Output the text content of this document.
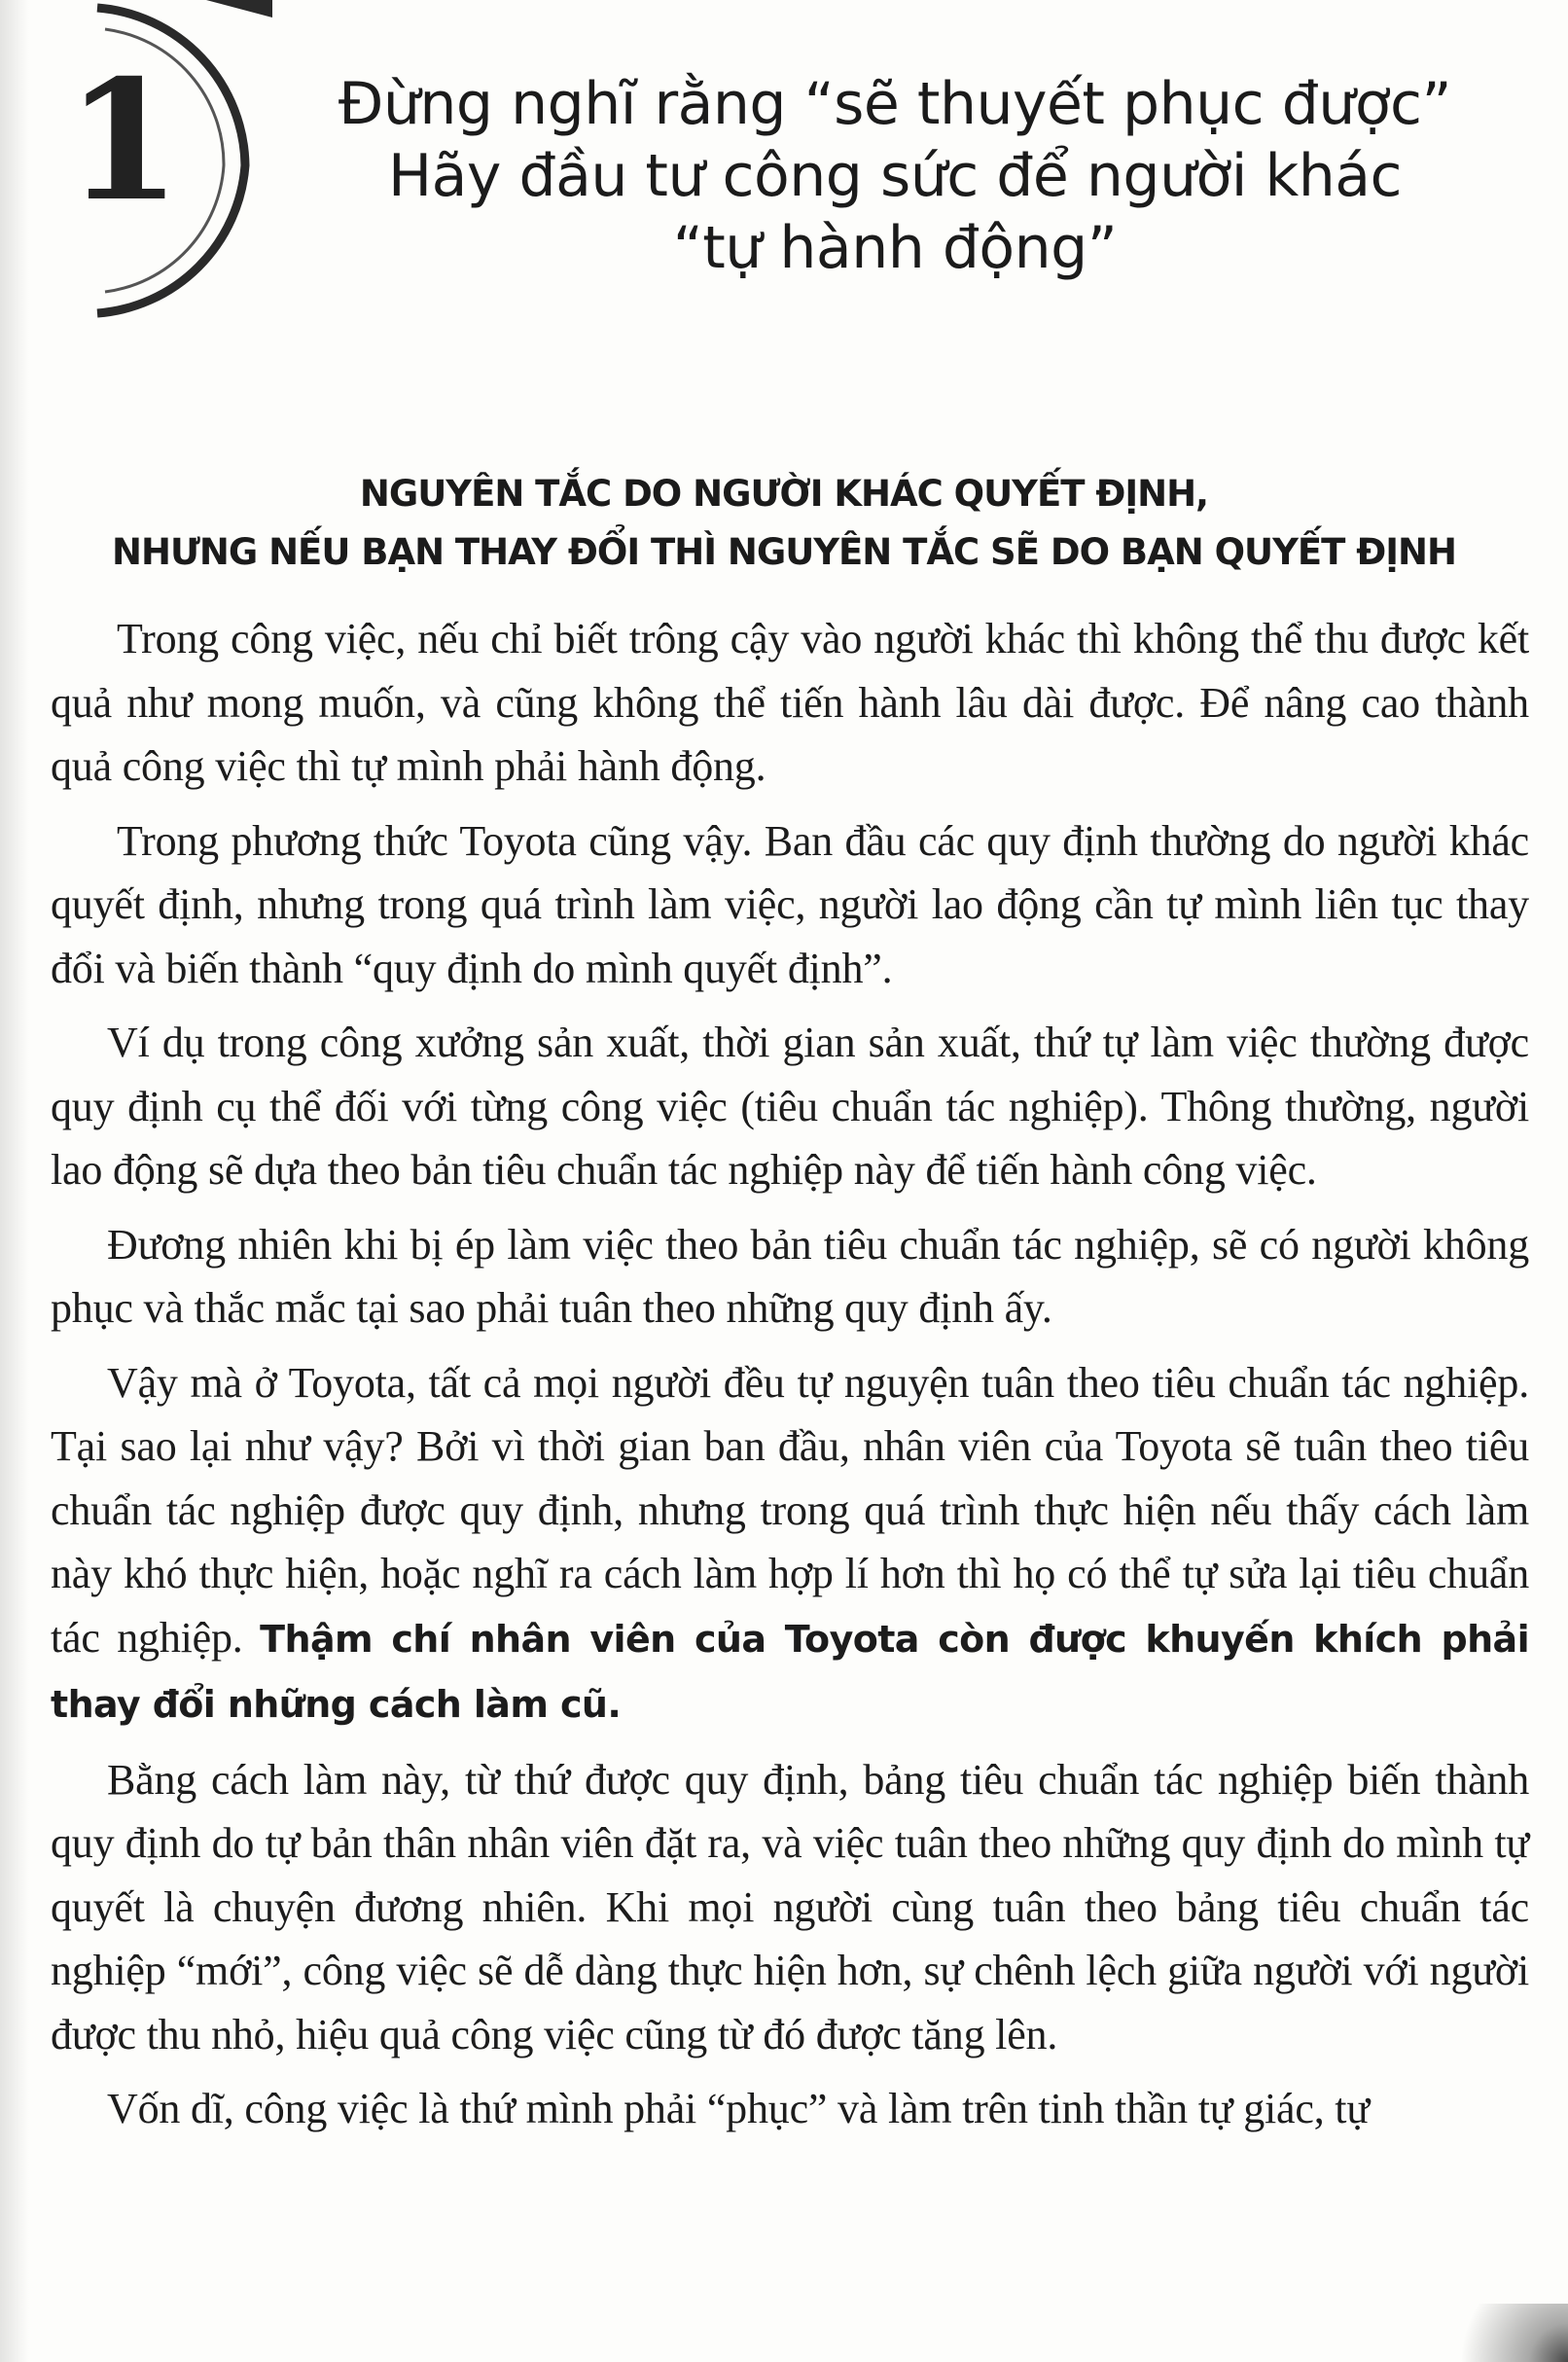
1	Đừng nghĩ rằng “sẽ thuyết phục được”
Hãy đầu tư công sức để người khác
“tự hành động”
NGUYÊN TẮC DO NGƯỜI KHÁC QUYẾT ĐỊNH,
NHƯNG NẾU BẠN THAY ĐỔI THÌ NGUYÊN TẮC SẼ DO BẠN QUYẾT ĐỊNH

Trong công việc, nếu chỉ biết trông cậy vào người khác thì không thể thu được kết quả như mong muốn, và cũng không thể tiến hành lâu dài được. Để nâng cao thành quả công việc thì tự mình phải hành động.

Trong phương thức Toyota cũng vậy. Ban đầu các quy định thường do người khác quyết định, nhưng trong quá trình làm việc, người lao động cần tự mình liên tục thay đổi và biến thành “quy định do mình quyết định”.

Ví dụ trong công xưởng sản xuất, thời gian sản xuất, thứ tự làm việc thường được quy định cụ thể đối với từng công việc (tiêu chuẩn tác nghiệp). Thông thường, người lao động sẽ dựa theo bản tiêu chuẩn tác nghiệp này để tiến hành công việc.

Đương nhiên khi bị ép làm việc theo bản tiêu chuẩn tác nghiệp, sẽ có người không phục và thắc mắc tại sao phải tuân theo những quy định ấy.

Vậy mà ở Toyota, tất cả mọi người đều tự nguyện tuân theo tiêu chuẩn tác nghiệp. Tại sao lại như vậy? Bởi vì thời gian ban đầu, nhân viên của Toyota sẽ tuân theo tiêu chuẩn tác nghiệp được quy định, nhưng trong quá trình thực hiện nếu thấy cách làm này khó thực hiện, hoặc nghĩ ra cách làm hợp lí hơn thì họ có thể tự sửa lại tiêu chuẩn tác nghiệp. Thậm chí nhân viên của Toyota còn được khuyến khích phải thay đổi những cách làm cũ.

Bằng cách làm này, từ thứ được quy định, bảng tiêu chuẩn tác nghiệp biến thành quy định do tự bản thân nhân viên đặt ra, và việc tuân theo những quy định do mình tự quyết là chuyện đương nhiên. Khi mọi người cùng tuân theo bảng tiêu chuẩn tác nghiệp “mới”, công việc sẽ dễ dàng thực hiện hơn, sự chênh lệch giữa người với người được thu nhỏ, hiệu quả công việc cũng từ đó được tăng lên.

Vốn dĩ, công việc là thứ mình phải “phục” và làm trên tinh thần tự giác, tự
